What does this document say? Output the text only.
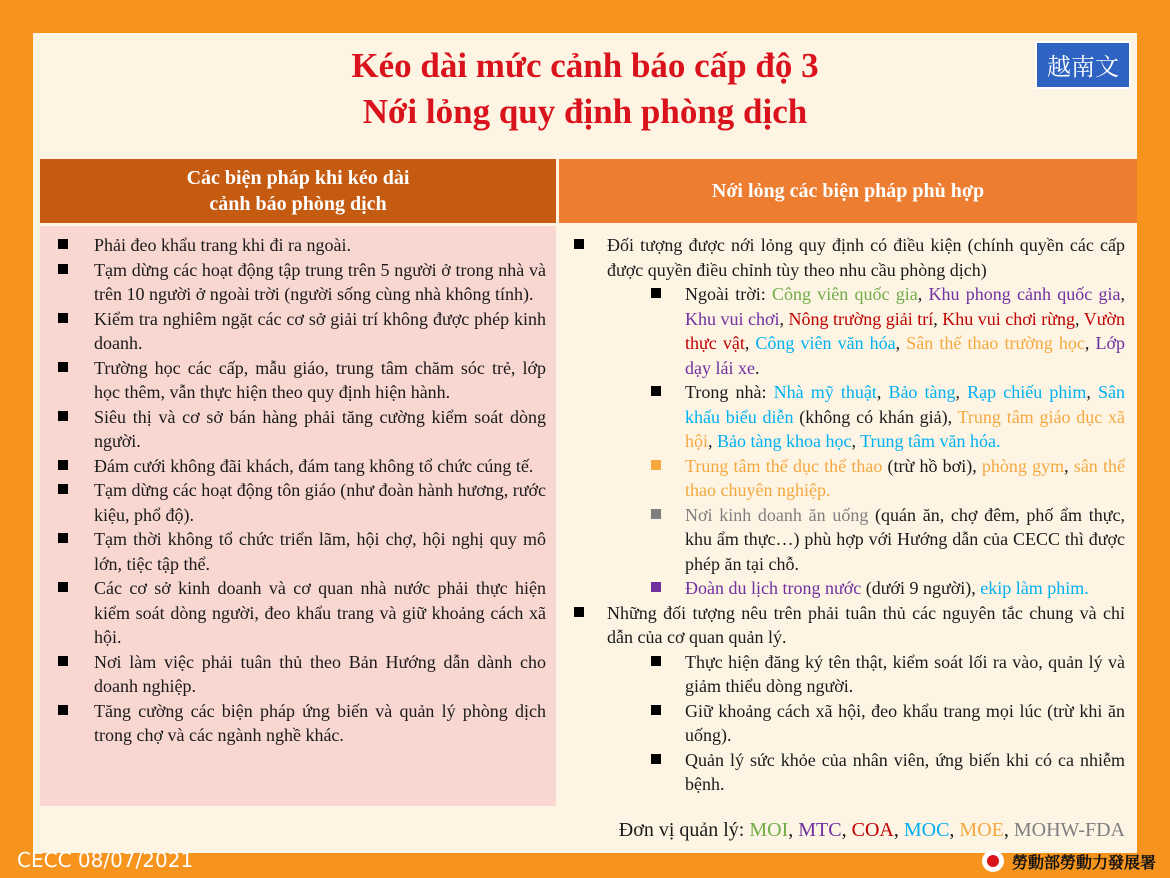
越南文
Kéo dài mức cảnh báo cấp độ 3
Nới lỏng quy định phòng dịch
Các biện pháp khi kéo dài
cảnh báo phòng dịch
Nới lỏng các biện pháp phù hợp
Phải đeo khẩu trang khi đi ra ngoài.
Tạm dừng các hoạt động tập trung trên 5 người ở trong nhà và trên 10 người ở ngoài trời (người sống cùng nhà không tính).
Kiểm tra nghiêm ngặt các cơ sở giải trí không được phép kinh doanh.
Trường học các cấp, mẫu giáo, trung tâm chăm sóc trẻ, lớp học thêm, vẫn thực hiện theo quy định hiện hành.
Siêu thị và cơ sở bán hàng phải tăng cường kiểm soát dòng người.
Đám cưới không đãi khách, đám tang không tổ chức cúng tế.
Tạm dừng các hoạt động tôn giáo (như đoàn hành hương, rước kiệu, phổ độ).
Tạm thời không tổ chức triển lãm, hội chợ, hội nghị quy mô lớn, tiệc tập thể.
Các cơ sở kinh doanh và cơ quan nhà nước phải thực hiện kiểm soát dòng người, đeo khẩu trang và giữ khoảng cách xã hội.
Nơi làm việc phải tuân thủ theo Bản Hướng dẫn dành cho doanh nghiệp.
Tăng cường các biện pháp ứng biến và quản lý phòng dịch trong chợ và các ngành nghề khác.
Đối tượng được nới lỏng quy định có điều kiện (chính quyền các cấp được quyền điều chỉnh tùy theo nhu cầu phòng dịch)
Ngoài trời: Công viên quốc gia, Khu phong cảnh quốc gia, Khu vui chơi, Nông trường giải trí, Khu vui chơi rừng, Vườn thực vật, Công viên văn hóa, Sân thể thao trường học, Lớp dạy lái xe.
Trong nhà: Nhà mỹ thuật, Bảo tàng, Rạp chiếu phim, Sân khấu biểu diễn (không có khán giả), Trung tâm giáo dục xã hội, Bảo tàng khoa học, Trung tâm văn hóa.
Trung tâm thể dục thể thao (trừ hồ bơi), phòng gym, sân thể thao chuyên nghiệp.
Nơi kinh doanh ăn uống (quán ăn, chợ đêm, phố ẩm thực, khu ẩm thực…) phù hợp với Hướng dẫn của CECC thì được phép ăn tại chỗ.
Đoàn du lịch trong nước (dưới 9 người), ekip làm phim.
Những đối tượng nêu trên phải tuân thủ các nguyên tắc chung và chỉ dẫn của cơ quan quản lý.
Thực hiện đăng ký tên thật, kiểm soát lối ra vào, quản lý và giảm thiểu dòng người.
Giữ khoảng cách xã hội, đeo khẩu trang mọi lúc (trừ khi ăn uống).
Quản lý sức khỏe của nhân viên, ứng biến khi có ca nhiễm bệnh.
Đơn vị quản lý: MOI, MTC, COA, MOC, MOE, MOHW-FDA
CECC 08/07/2021	勞動部勞動力發展署
